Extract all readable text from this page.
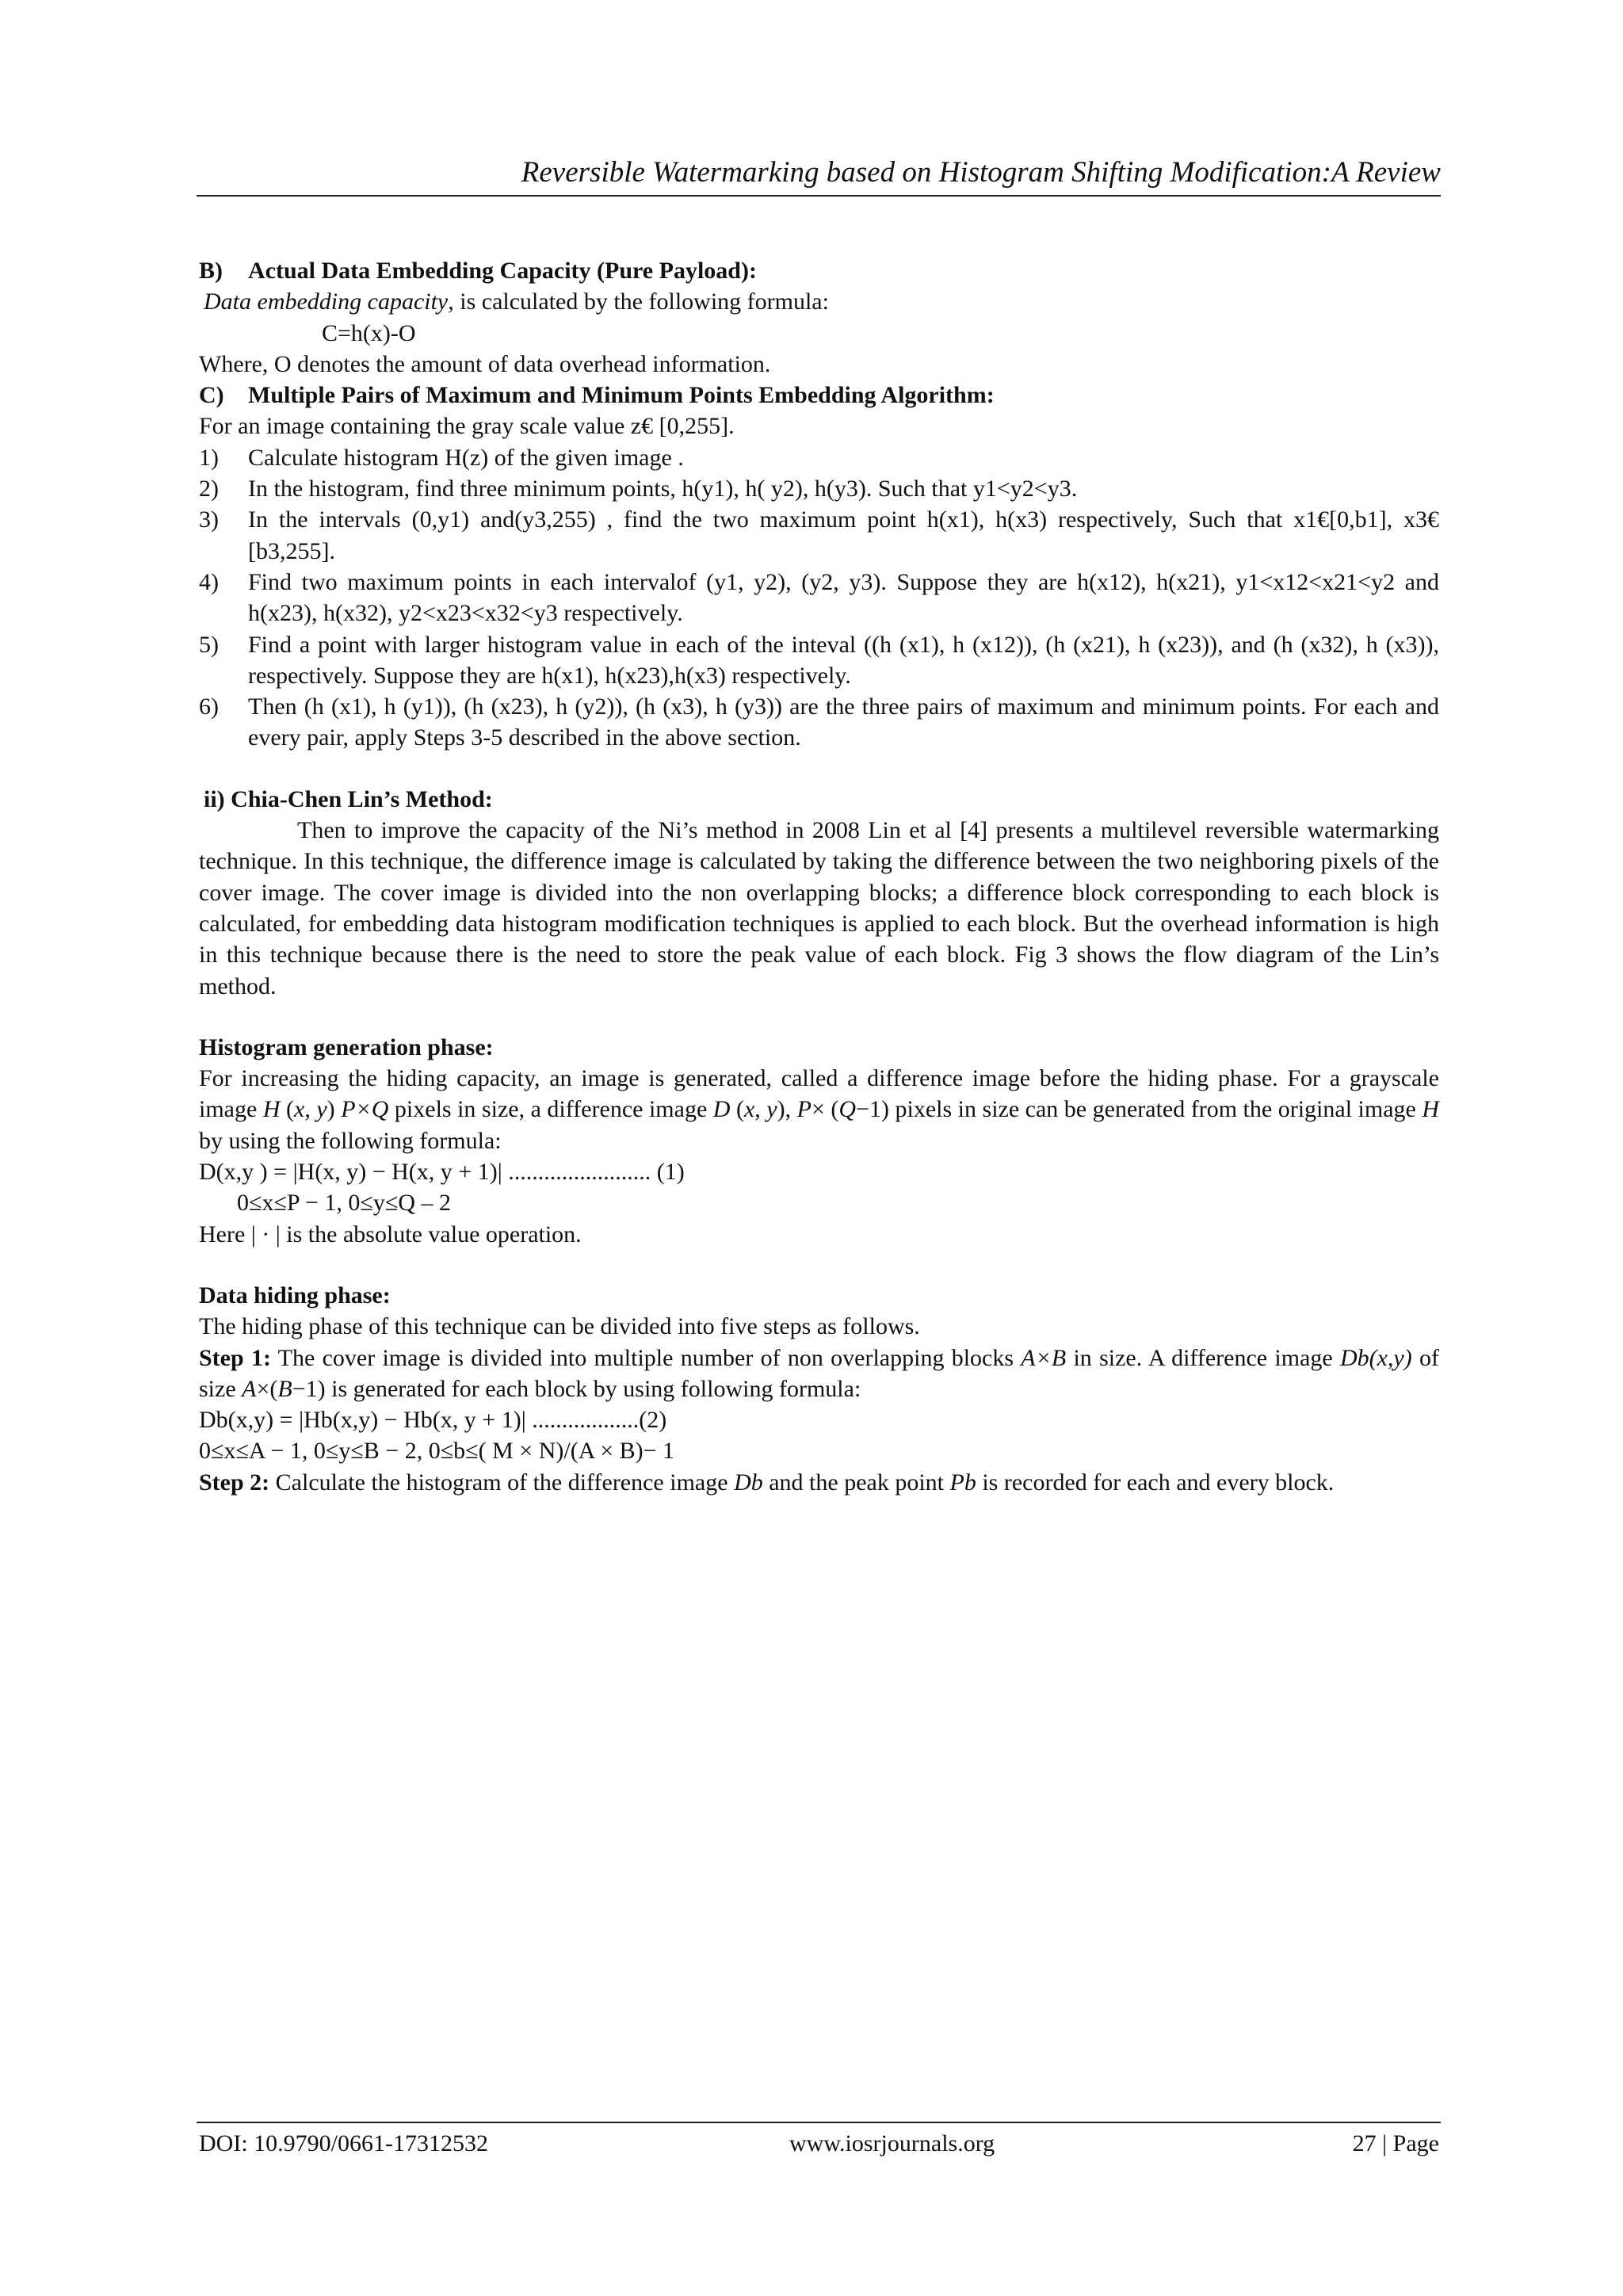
Reversible Watermarking based on Histogram Shifting Modification:A Review

B) Actual Data Embedding Capacity (Pure Payload):

Data embedding capacity, is calculated by the following formula:

C=h(x)-O

Where, O denotes the amount of data overhead information.

C) Multiple Pairs of Maximum and Minimum Points Embedding Algorithm:

For an image containing the gray scale value z€ [0,255].

1) Calculate histogram H(z) of the given image .
2) In the histogram, find three minimum points, h(y1), h( y2), h(y3). Such that y1<y2<y3.
3) In the intervals (0,y1) and(y3,255) , find the two maximum point h(x1), h(x3) respectively, Such that x1€[0,b1], x3€[b3,255].
4) Find two maximum points in each intervalof (y1, y2), (y2, y3). Suppose they are h(x12), h(x21), y1<x12<x21<y2 and h(x23), h(x32), y2<x23<x32<y3 respectively.
5) Find a point with larger histogram value in each of the inteval ((h (x1), h (x12)), (h (x21), h (x23)), and (h (x32), h (x3)), respectively. Suppose they are h(x1), h(x23),h(x3) respectively.
6) Then (h (x1), h (y1)), (h (x23), h (y2)), (h (x3), h (y3)) are the three pairs of maximum and minimum points. For each and every pair, apply Steps 3-5 described in the above section.

ii) Chia-Chen Lin’s Method:

Then to improve the capacity of the Ni’s method in 2008 Lin et al [4] presents a multilevel reversible watermarking technique. In this technique, the difference image is calculated by taking the difference between the two neighboring pixels of the cover image. The cover image is divided into the non overlapping blocks; a difference block corresponding to each block is calculated, for embedding data histogram modification techniques is applied to each block. But the overhead information is high in this technique because there is the need to store the peak value of each block. Fig 3 shows the flow diagram of the Lin’s method.

Histogram generation phase:

For increasing the hiding capacity, an image is generated, called a difference image before the hiding phase. For a grayscale image H (x, y) P×Q pixels in size, a difference image D (x, y), P× (Q−1) pixels in size can be generated from the original image H by using the following formula:

D(x,y ) = |H(x, y) − H(x, y + 1)| ........................ (1)

0≤x≤P − 1, 0≤y≤Q – 2

Here | · | is the absolute value operation.

Data hiding phase:

The hiding phase of this technique can be divided into five steps as follows.

Step 1: The cover image is divided into multiple number of non overlapping blocks A×B in size. A difference image Db(x,y) of size A×(B−1) is generated for each block by using following formula:

Db(x,y) = |Hb(x,y) − Hb(x, y + 1)| ..................(2)

0≤x≤A − 1, 0≤y≤B − 2, 0≤b≤( M × N)/(A × B)− 1

Step 2: Calculate the histogram of the difference image Db and the peak point Pb is recorded for each and every block.

DOI: 10.9790/0661-17312532	www.iosrjournals.org	27 | Page
